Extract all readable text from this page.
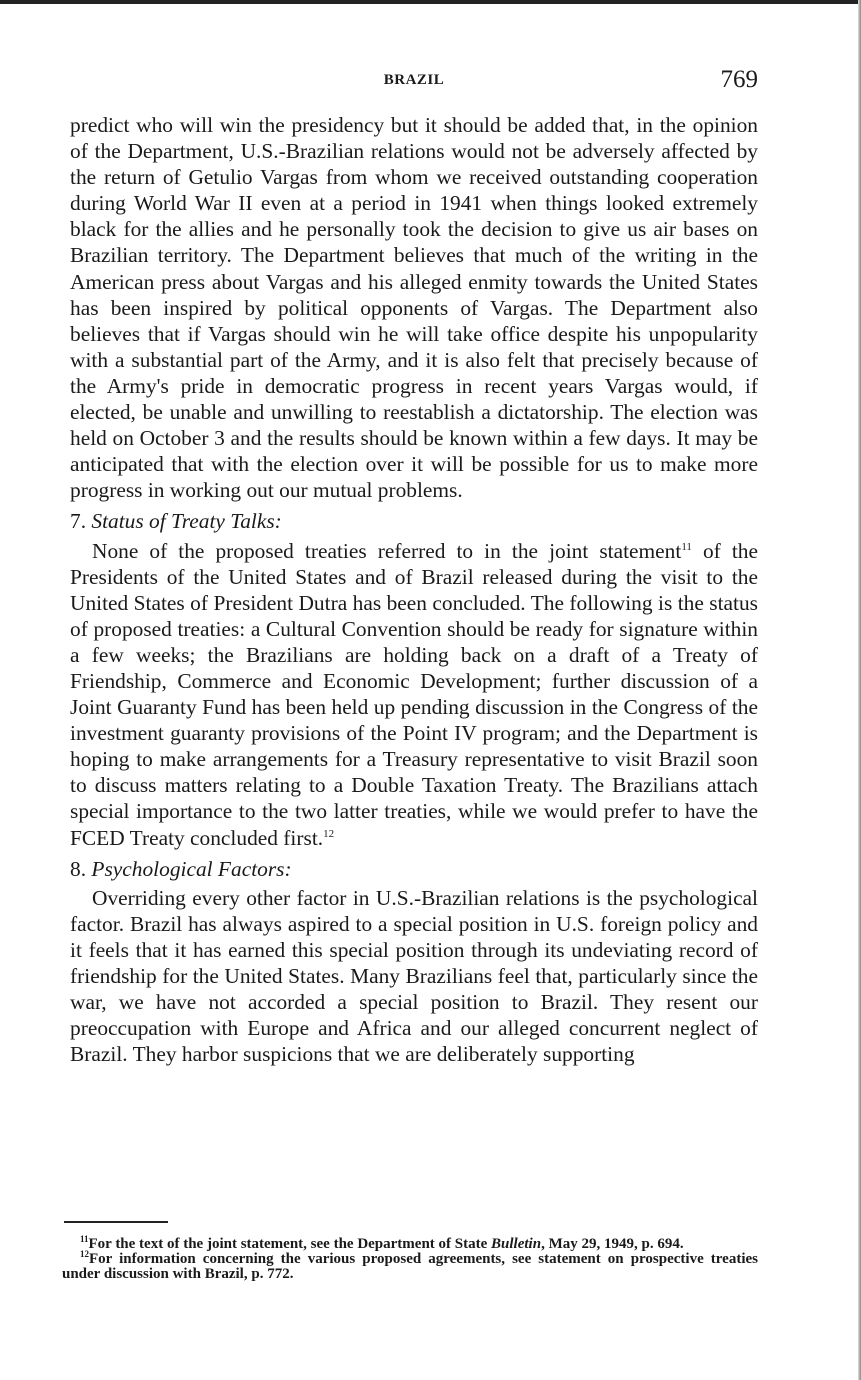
BRAZIL	769

predict who will win the presidency but it should be added that, in the opinion of the Department, U.S.-Brazilian relations would not be adversely affected by the return of Getulio Vargas from whom we received outstanding cooperation during World War II even at a period in 1941 when things looked extremely black for the allies and he personally took the decision to give us air bases on Brazilian territory. The Department believes that much of the writing in the American press about Vargas and his alleged enmity towards the United States has been inspired by political opponents of Vargas. The Department also believes that if Vargas should win he will take office despite his unpopularity with a substantial part of the Army, and it is also felt that precisely because of the Army's pride in democratic progress in recent years Vargas would, if elected, be unable and unwilling to reestablish a dictatorship. The election was held on October 3 and the results should be known within a few days. It may be anticipated that with the election over it will be possible for us to make more progress in working out our mutual problems.

7. Status of Treaty Talks:

None of the proposed treaties referred to in the joint statement$^{11}$ of the Presidents of the United States and of Brazil released during the visit to the United States of President Dutra has been concluded. The following is the status of proposed treaties: a Cultural Convention should be ready for signature within a few weeks; the Brazilians are holding back on a draft of a Treaty of Friendship, Commerce and Economic Development; further discussion of a Joint Guaranty Fund has been held up pending discussion in the Congress of the investment guaranty provisions of the Point IV program; and the Department is hoping to make arrangements for a Treasury representative to visit Brazil soon to discuss matters relating to a Double Taxation Treaty. The Brazilians attach special importance to the two latter treaties, while we would prefer to have the FCED Treaty concluded first.$^{12}$

8. Psychological Factors:

Overriding every other factor in U.S.-Brazilian relations is the psychological factor. Brazil has always aspired to a special position in U.S. foreign policy and it feels that it has earned this special position through its undeviating record of friendship for the United States. Many Brazilians feel that, particularly since the war, we have not accorded a special position to Brazil. They resent our preoccupation with Europe and Africa and our alleged concurrent neglect of Brazil. They harbor suspicions that we are deliberately supporting

$^{11}$For the text of the joint statement, see the Department of State Bulletin, May 29, 1949, p. 694.

$^{12}$For information concerning the various proposed agreements, see statement on prospective treaties under discussion with Brazil, p. 772.
